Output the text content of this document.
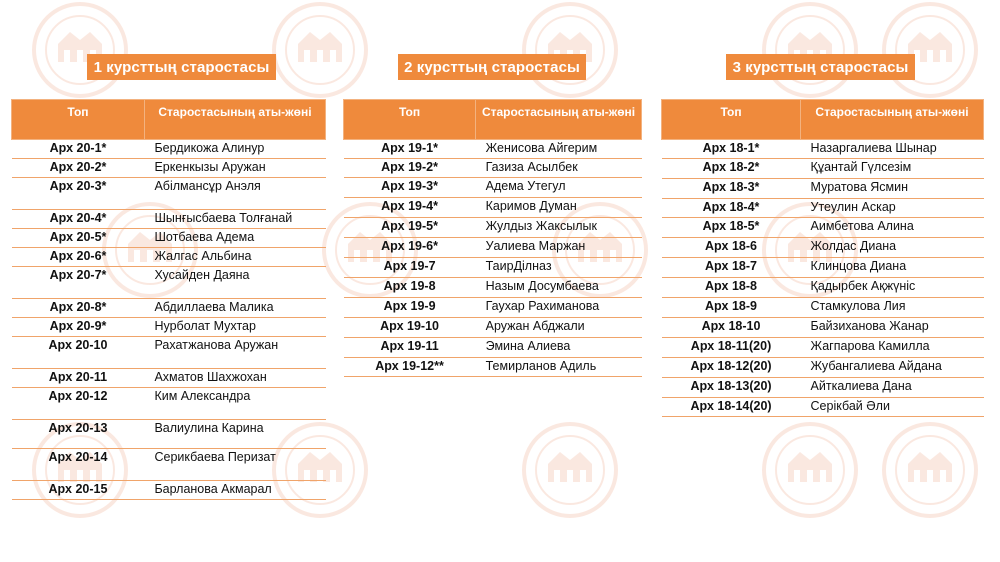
1 курсттың старостасы
Топ	Старостасының аты-жөні
Арх 20-1*	Бердикожа Алинур
Арх 20-2*	Еркенкызы Аружан
Арх 20-3*	Абілмансұр Анэля
Арх 20-4*	Шынғысбаева Толғанай
Арх 20-5*	Шотбаева Адема
Арх 20-6*	Жалгас Альбина
Арх 20-7*	Хусайден Даяна
Арх 20-8*	Абдиллаева Малика
Арх 20-9*	Нурболат Мухтар
Арх 20-10	Рахатжанова Аружан
Арх 20-11	Ахматов Шахжохан
Арх 20-12	Ким Александра
Арх 20-13	Валиулина Карина
Арх 20-14	Серикбаева Перизат
Арх 20-15	Барланова Акмарал
2 курсттың старостасы
Топ	Старостасының аты-жөні
Арх 19-1*	Женисова Айгерим
Арх 19-2*	Газиза Асылбек
Арх 19-3*	Адема Утегул
Арх 19-4*	Каримов Думан
Арх 19-5*	Жулдыз Жаксылык
Арх 19-6*	Уалиева Маржан
Арх 19-7	ТаирДілназ
Арх 19-8	Назым Досумбаева
Арх 19-9	Гаухар Рахиманова
Арх 19-10	Аружан Абджали
Арх 19-11	Эмина Алиева
Арх 19-12**	Темирланов Адиль
3 курсттың старостасы
Топ	Старостасының аты-жөні
Арх 18-1*	Назаргалиева Шынар
Арх 18-2*	Құантай Гүлсезім
Арх 18-3*	Муратова Ясмин
Арх 18-4*	Утеулин Аскар
Арх 18-5*	Аимбетова Алина
Арх 18-6	Жолдас Диана
Арх 18-7	Клинцова Диана
Арх 18-8	Қадырбек Ақжүніс
Арх 18-9	Стамкулова Лия
Арх 18-10	Байзиханова Жанар
Арх 18-11(20)	Жагпарова Камилла
Арх 18-12(20)	Жубангалиева Айдана
Арх 18-13(20)	Айткалиева Дана
Арх 18-14(20)	Серікбай Әли
